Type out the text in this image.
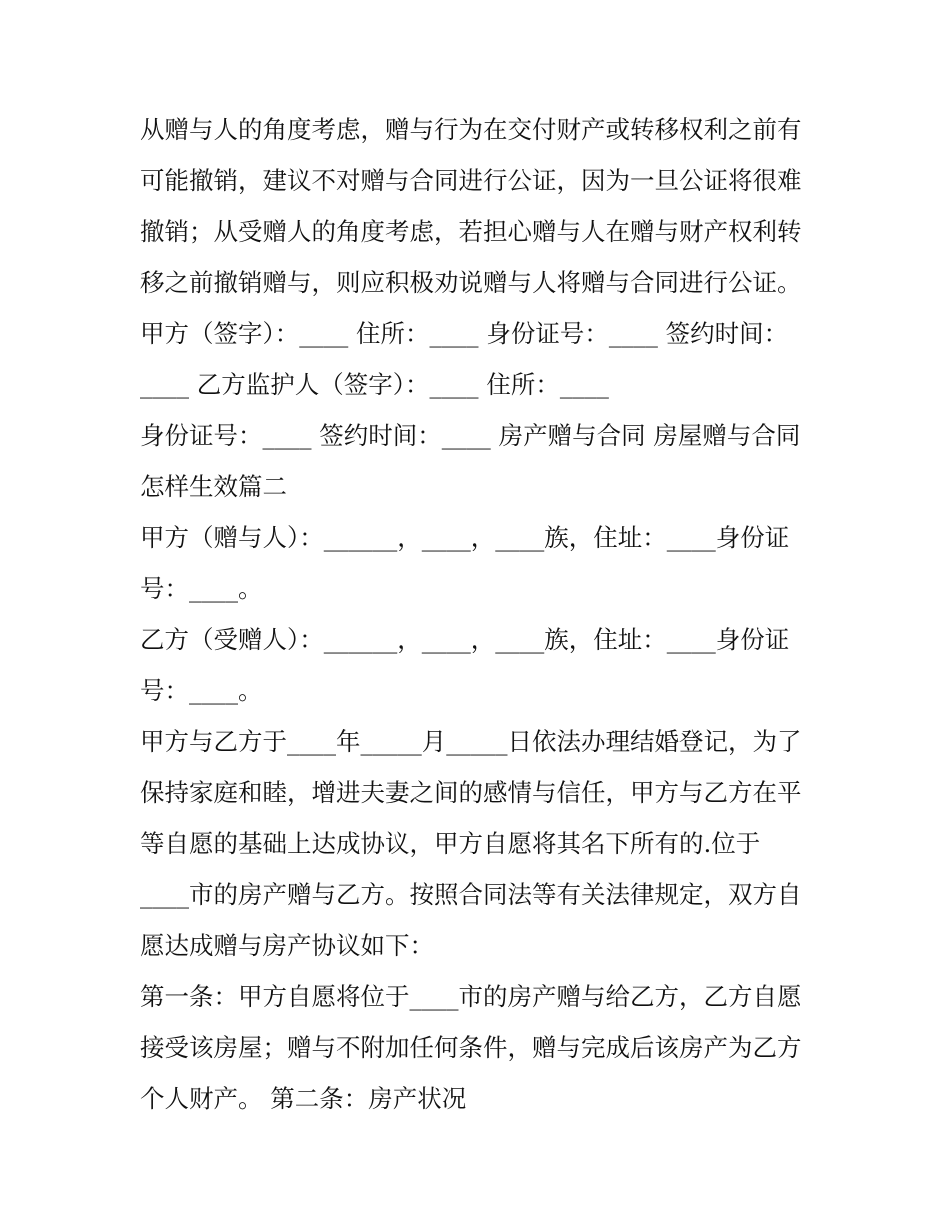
从赠与人的角度考虑，赠与行为在交付财产或转移权利之前有

可能撤销，建议不对赠与合同进行公证，因为一旦公证将很难

撤销；从受赠人的角度考虑，若担心赠与人在赠与财产权利转

移之前撤销赠与，则应积极劝说赠与人将赠与合同进行公证。

甲方（签字）：____ 住所：____ 身份证号：____ 签约时间：

____ 乙方监护人（签字）：____ 住所：____

身份证号：____ 签约时间：____ 房产赠与合同 房屋赠与合同

怎样生效篇二

甲方（赠与人）：______，____，____族，住址：____身份证

号：____。

乙方（受赠人）：______，____，____族，住址：____身份证

号：____。

甲方与乙方于____年_____月_____日依法办理结婚登记，为了

保持家庭和睦，增进夫妻之间的感情与信任，甲方与乙方在平

等自愿的基础上达成协议，甲方自愿将其名下所有的.位于

____市的房产赠与乙方。按照合同法等有关法律规定，双方自

愿达成赠与房产协议如下：

第一条：甲方自愿将位于____市的房产赠与给乙方，乙方自愿

接受该房屋；赠与不附加任何条件，赠与完成后该房产为乙方

个人财产。 第二条：房产状况
